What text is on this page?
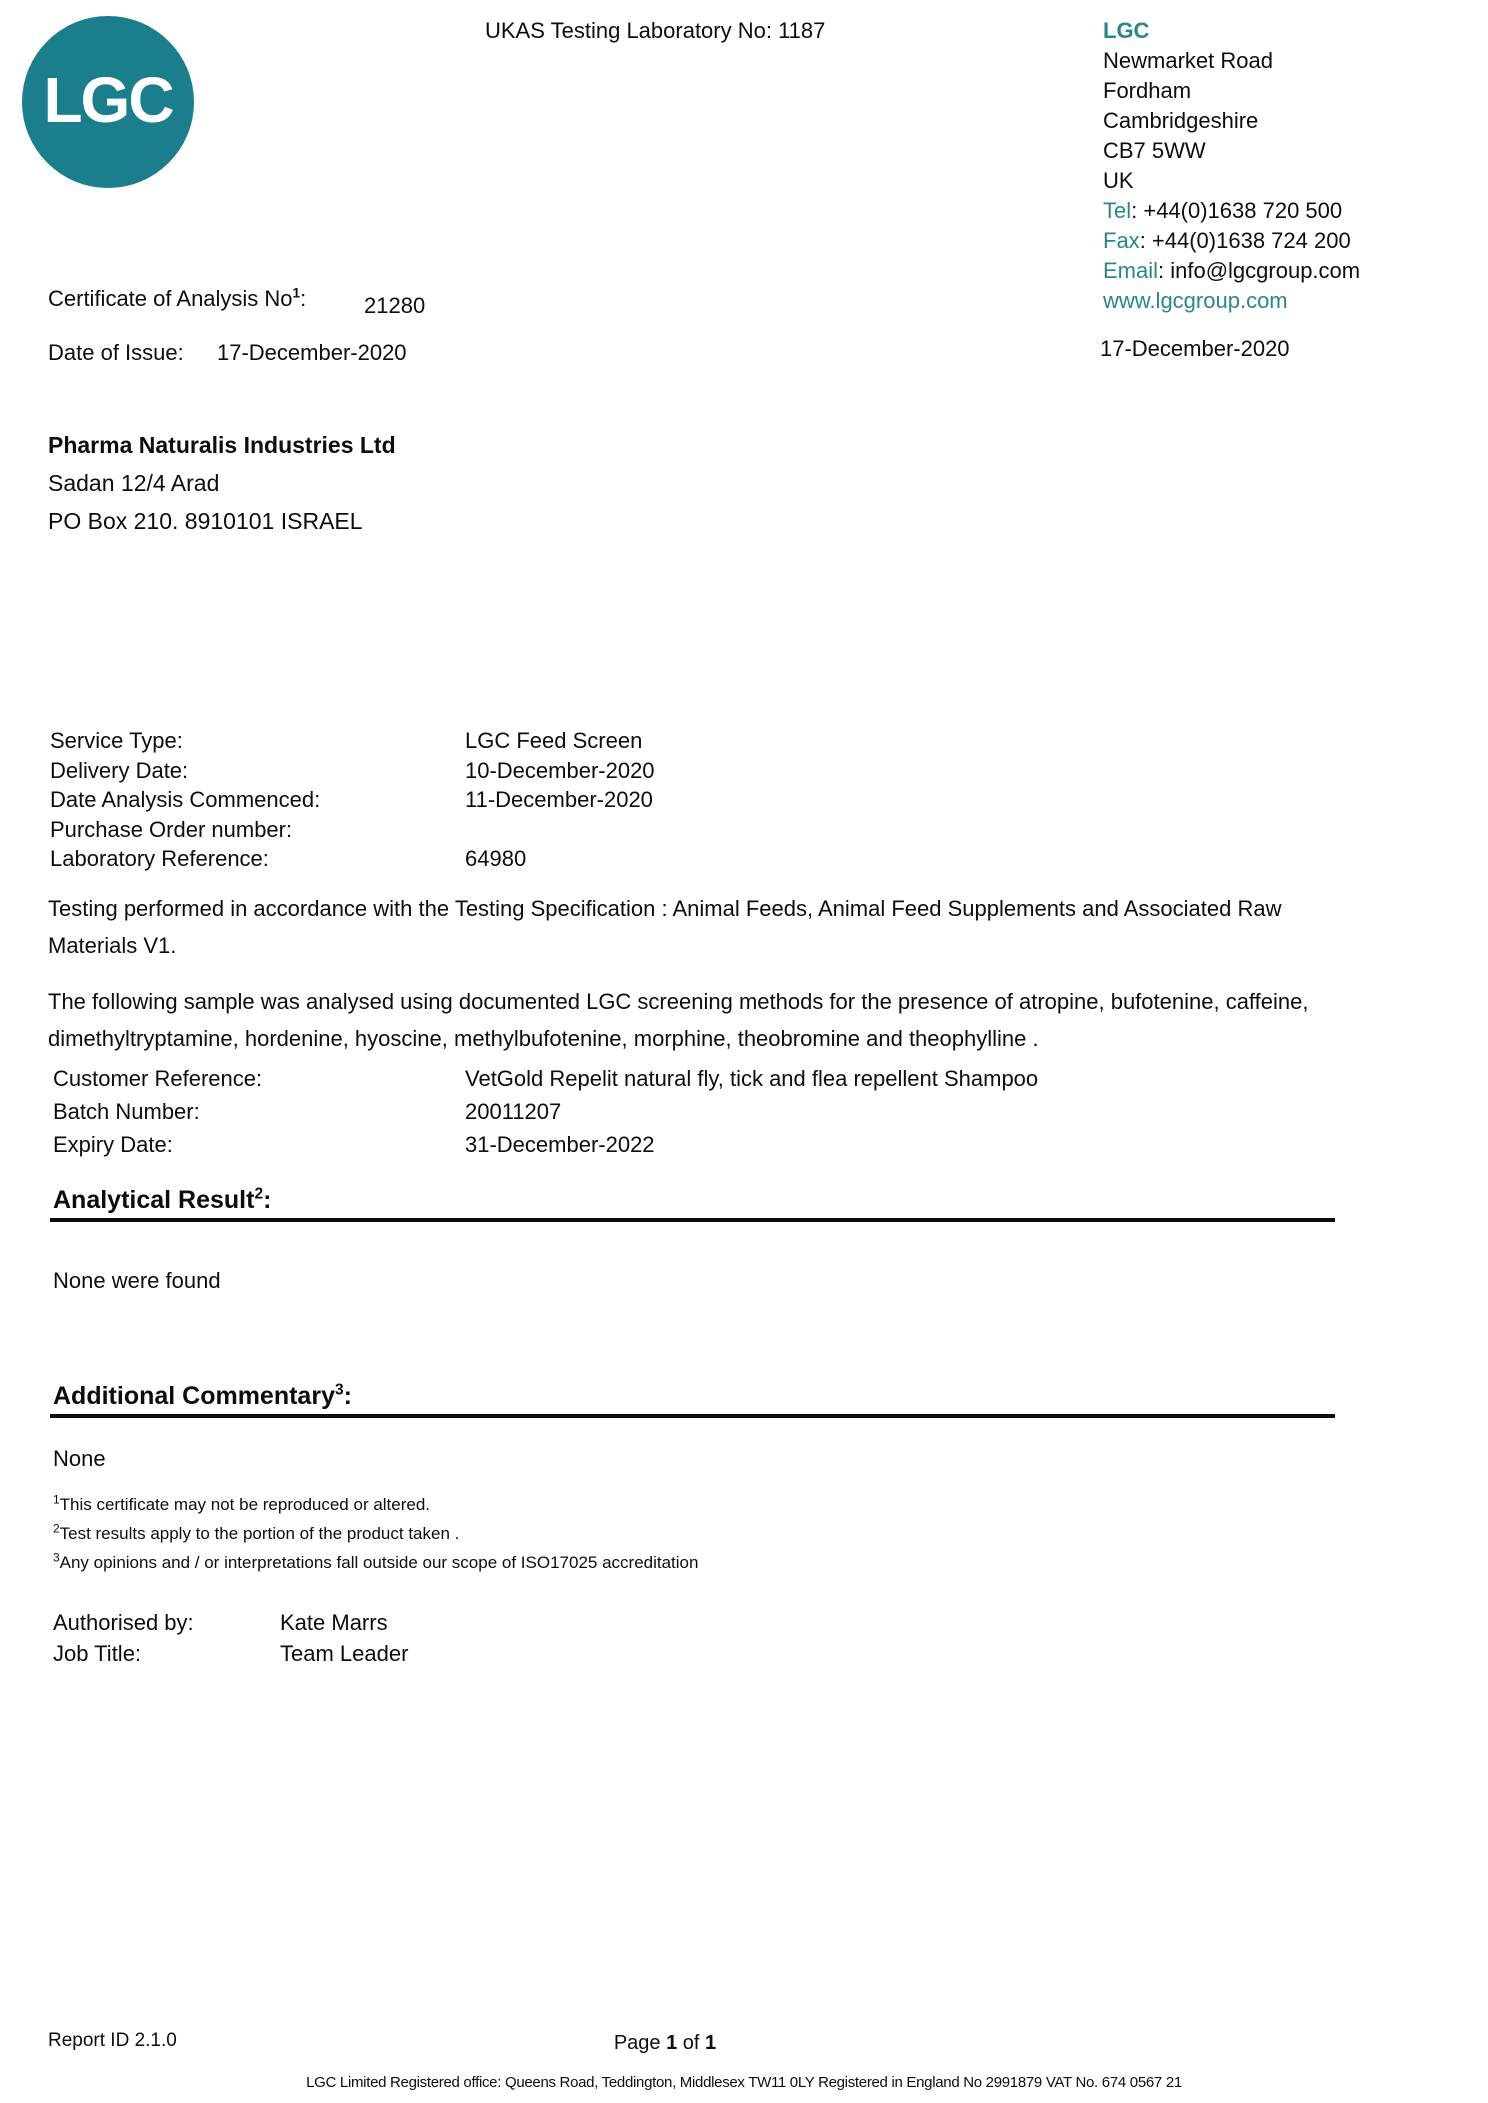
LGC
UKAS Testing Laboratory No: 1187	LGC
Newmarket Road
Fordham
Cambridgeshire
CB7 5WW
UK
Tel: +44(0)1638 720 500
Fax: +44(0)1638 724 200
Email: info@lgcgroup.com
www.lgcgroup.com
17-December-2020
Certificate of Analysis No$^1$:	21280
Date of Issue: 17-December-2020
Pharma Naturalis Industries Ltd
Sadan 12/4 Arad
PO Box 210. 8910101 ISRAEL
Service Type:	LGC Feed Screen
Delivery Date:	10-December-2020
Date Analysis Commenced:	11-December-2020
Purchase Order number:
Laboratory Reference:	64980
Testing performed in accordance with the Testing Specification : Animal Feeds, Animal Feed Supplements and Associated Raw Materials V1.
The following sample was analysed using documented LGC screening methods for the presence of atropine, bufotenine, caffeine, dimethyltryptamine, hordenine, hyoscine, methylbufotenine, morphine, theobromine and theophylline .
Customer Reference:	VetGold Repelit natural fly, tick and flea repellent Shampoo
Batch Number:	20011207
Expiry Date:	31-December-2022
Analytical Result$^2$:
None were found
Additional Commentary$^3$:
None
$^1$This certificate may not be reproduced or altered.
$^2$Test results apply to the portion of the product taken .
$^3$Any opinions and / or interpretations fall outside our scope of ISO17025 accreditation
Authorised by:	Kate Marrs
Job Title:	Team Leader
Report ID 2.1.0	Page 1 of 1
LGC Limited Registered office: Queens Road, Teddington, Middlesex TW11 0LY Registered in England No 2991879 VAT No. 674 0567 21
